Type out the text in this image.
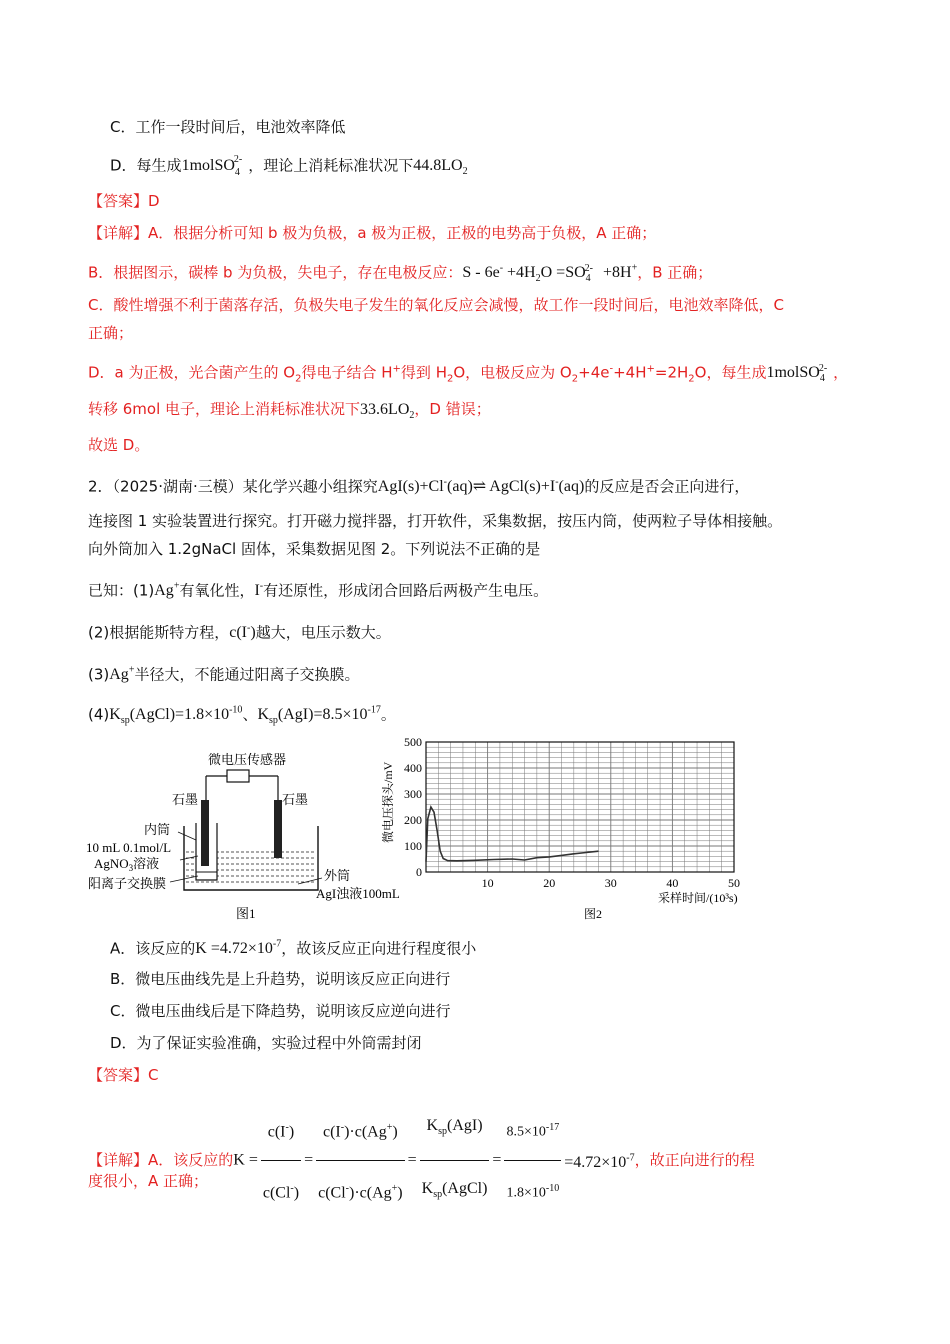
C．工作一段时间后，电池效率降低
D．每生成1molSO$_4^{2-}$ ，理论上消耗标准状况下$44.8LO_2$
【答案】D
【详解】A．根据分析可知 b 极为负极，a 极为正极，正极的电势高于负极，A 正确；
B．根据图示，碳棒 b 为负极，失电子，存在电极反应：$S - 6e^- +4H_2O =SO_4^{2-} +8H^+$，B 正确；
C．酸性增强不利于菌落存活，负极失电子发生的氧化反应会减慢，故工作一段时间后，电池效率降低，C
正确；
D．a 为正极，光合菌产生的 $O_2$得电子结合 H+得到 $H_2O$，电极反应为 $O_2+4e^-+4H^+=2H_2O$，每生成1molSO$_4^{2-}$ ，
转移 6mol 电子，理论上消耗标准状况下$33.6LO_2$，D 错误；
故选 D。
2．（2025·湖南·三模）某化学兴趣小组探究AgI(s)+Cl-(aq)⇌ AgCl(s)+I-(aq)的反应是否会正向进行，
连接图 1 实验装置进行探究。打开磁力搅拌器，打开软件，采集数据，按压内筒，使两粒子导体相接触。
向外筒加入 1.2gNaCl 固体，采集数据见图 2。下列说法不正确的是
已知：(1)Ag+有氧化性，I-有还原性，形成闭合回路后两极产生电压。
(2)根据能斯特方程，c(I-)越大，电压示数大。
(3)Ag+半径大，不能通过阳离子交换膜。
$(4)K_{sp}(AgCl)=1.8\times 10^{-10}$、$K_{sp}(AgI)=8.5\times 10^{-17}$。
微电压传感器
石墨	石墨
内筒
10 mL 0.1mol/L
AgNO$_3$溶液
阳离子交换膜
外筒
AgI浊液100mL
图1
0
100
200
300
400
500
10	20	30	40	50
微电压探头/mV
采样时间/(10³s)
图2
A．该反应的$K =4.72\times 10^{-7}$，故该反应正向进行程度很小
B．微电压曲线先是上升趋势，说明该反应正向进行
C．微电压曲线后是下降趋势，说明该反应逆向进行
D．为了保证实验准确，实验过程中外筒需封闭
【答案】C
【详解】A．该反应的$K = \frac{c(I^-)}{c(Cl^-)} = \frac{c(I^-)\cdot c(Ag^+)}{c(Cl^-)\cdot c(Ag^+)} = \frac{K_{sp}(AgI)}{K_{sp}(AgCl)} = \frac{8.5\times 10^{-17}}{1.8\times 10^{-10}} =4.72\times 10^{-7}$，故正向进行的程
度很小，A 正确；
